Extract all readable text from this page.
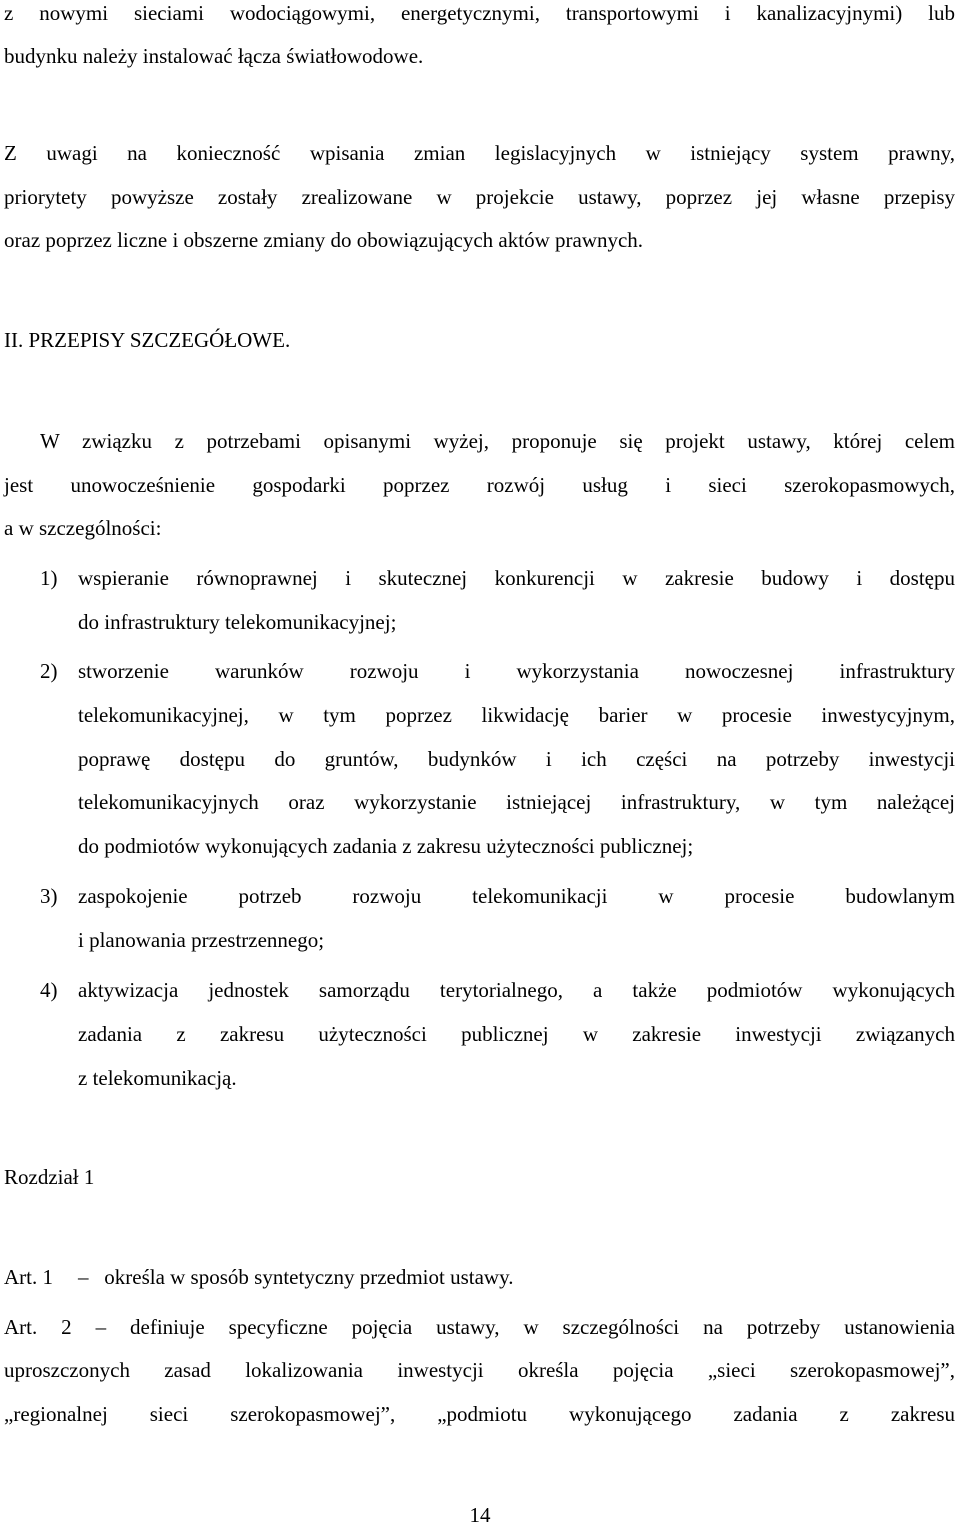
z nowymi sieciami wodociągowymi, energetycznymi, transportowymi i kanalizacyjnymi) lub
budynku należy instalować łącza światłowodowe.
Z uwagi na konieczność wpisania zmian legislacyjnych w istniejący system prawny,
priorytety powyższe zostały zrealizowane w projekcie ustawy, poprzez jej własne przepisy
oraz poprzez liczne i obszerne zmiany do obowiązujących aktów prawnych.
II. PRZEPISY SZCZEGÓŁOWE.
W związku z potrzebami opisanymi wyżej, proponuje się projekt ustawy, której celem
jest unowocześnienie gospodarki poprzez rozwój usług i sieci szerokopasmowych,
a w szczególności:
1) wspieranie równoprawnej i skutecznej konkurencji w zakresie budowy i dostępu
do infrastruktury telekomunikacyjnej;
2) stworzenie warunków rozwoju i wykorzystania nowoczesnej infrastruktury
telekomunikacyjnej, w tym poprzez likwidację barier w procesie inwestycyjnym,
poprawę dostępu do gruntów, budynków i ich części na potrzeby inwestycji
telekomunikacyjnych oraz wykorzystanie istniejącej infrastruktury, w tym należącej
do podmiotów wykonujących zadania z zakresu użyteczności publicznej;
3) zaspokojenie potrzeb rozwoju telekomunikacji w procesie budowlanym
i planowania przestrzennego;
4) aktywizacja jednostek samorządu terytorialnego, a także podmiotów wykonujących
zadania z zakresu użyteczności publicznej w zakresie inwestycji związanych
z telekomunikacją.
Rozdział 1
Art. 1 –   określa w sposób syntetyczny przedmiot ustawy.
Art. 2 – definiuje specyficzne pojęcia ustawy, w szczególności na potrzeby ustanowienia
uproszczonych zasad lokalizowania inwestycji określa pojęcia „sieci szerokopasmowej”,
„regionalnej sieci szerokopasmowej”, „podmiotu wykonującego zadania z zakresu
14
